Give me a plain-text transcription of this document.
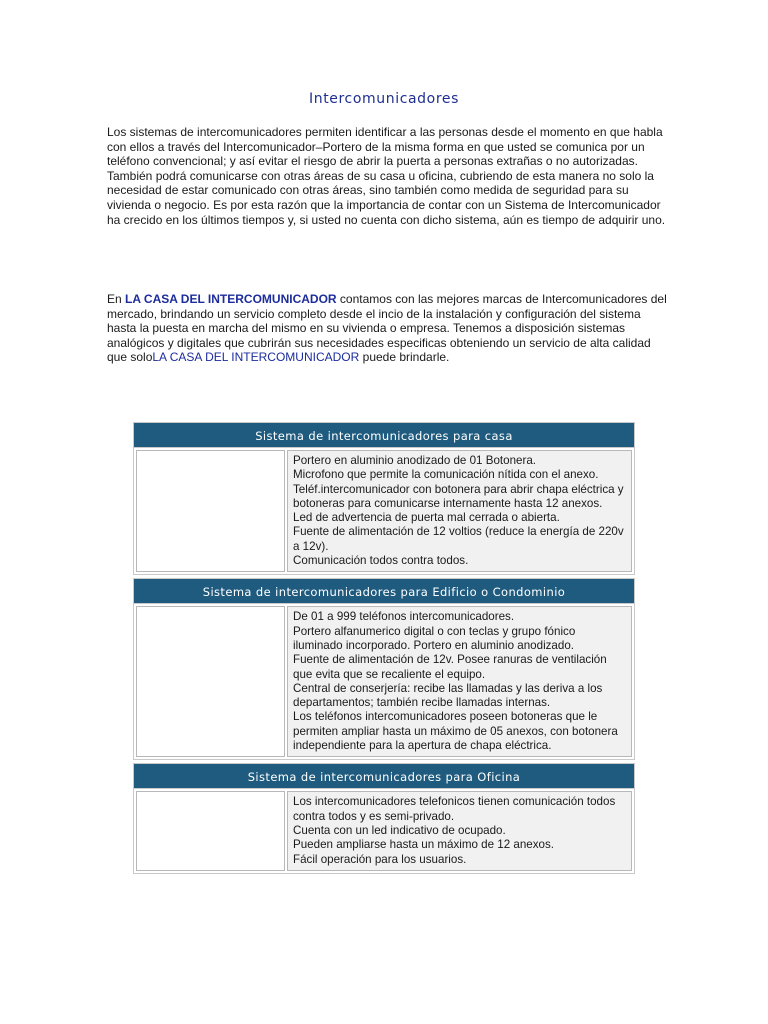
Intercomunicadores

Los sistemas de intercomunicadores permiten identificar a las personas desde el momento en que habla con ellos a través del Intercomunicador–Portero de la misma forma en que usted se comunica por un teléfono convencional; y así evitar el riesgo de abrir la puerta a personas extrañas o no autorizadas. También podrá comunicarse con otras áreas de su casa u oficina, cubriendo de esta manera no solo la necesidad de estar comunicado con otras áreas, sino también como medida de seguridad para su vivienda o negocio. Es por esta razón que la importancia de contar con un Sistema de Intercomunicador ha crecido en los últimos tiempos y, si usted no cuenta con dicho sistema, aún es tiempo de adquirir uno.

En LA CASA DEL INTERCOMUNICADOR contamos con las mejores marcas de Intercomunicadores del mercado, brindando un servicio completo desde el incio de la instalación y configuración del sistema hasta la puesta en marcha del mismo en su vivienda o empresa. Tenemos a disposición sistemas analógicos y digitales que cubrirán sus necesidades especificas obteniendo un servicio de alta calidad que soloLA CASA DEL INTERCOMUNICADOR puede brindarle.

Sistema de intercomunicadores para casa
Portero en aluminio anodizado de 01 Botonera.
Microfono que permite la comunicación nítida con el anexo.
Teléf.intercomunicador con botonera para abrir chapa eléctrica y botoneras para comunicarse internamente hasta 12 anexos.
Led de advertencia de puerta mal cerrada o abierta.
Fuente de alimentación de 12 voltios (reduce la energía de 220v a 12v).
Comunicación todos contra todos.
Sistema de intercomunicadores para Edificio o Condominio
De 01 a 999 teléfonos intercomunicadores.
Portero alfanumerico digital o con teclas y grupo fónico iluminado incorporado. Portero en aluminio anodizado.
Fuente de alimentación de 12v. Posee ranuras de ventilación que evita que se recaliente el equipo.
Central de conserjería: recibe las llamadas y las deriva a los departamentos; también recibe llamadas internas.
Los teléfonos intercomunicadores poseen botoneras que le permiten ampliar hasta un máximo de 05 anexos, con botonera independiente para la apertura de chapa eléctrica.
Sistema de intercomunicadores para Oficina
Los intercomunicadores telefonicos tienen comunicación todos contra todos y es semi-privado.
Cuenta con un led indicativo de ocupado.
Pueden ampliarse hasta un máximo de 12 anexos.
Fácil operación para los usuarios.
